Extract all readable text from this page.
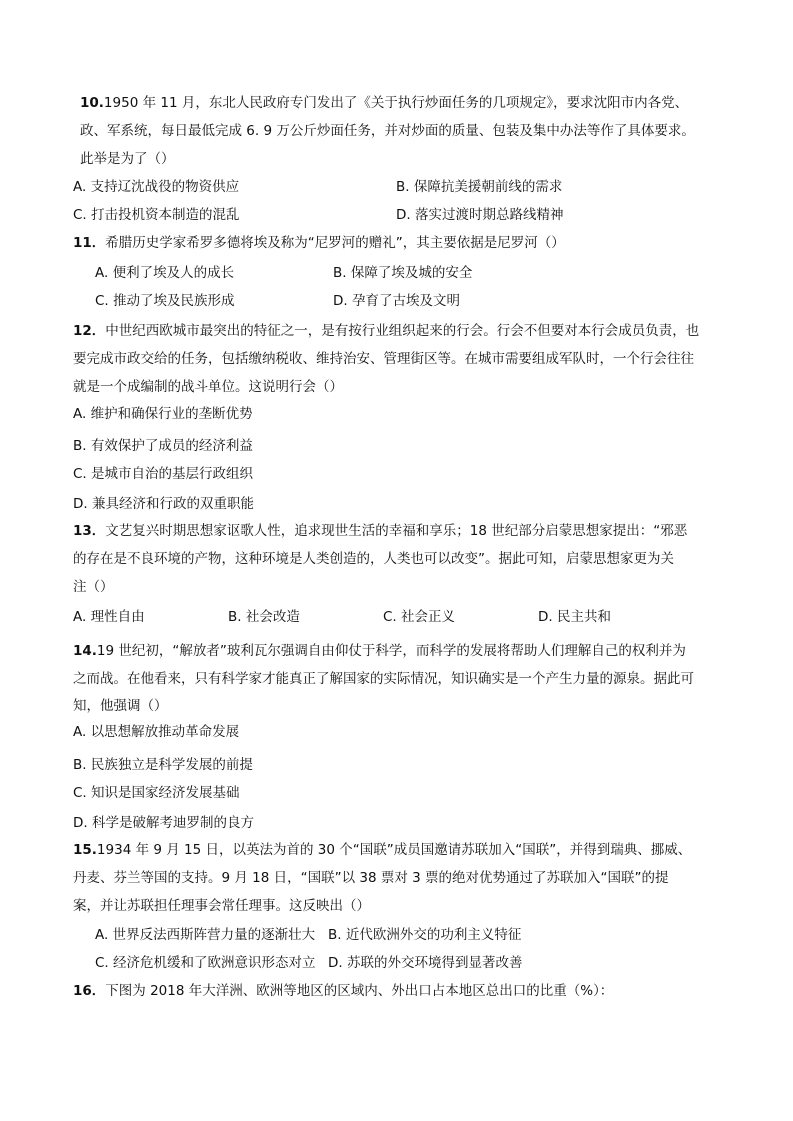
10.1950 年 11 月，东北人民政府专门发出了《关于执行炒面任务的几项规定》，要求沈阳市内各党、
政、军系统，每日最低完成 6. 9 万公斤炒面任务，并对炒面的质量、包装及集中办法等作了具体要求。
此举是为了（）
A. 支持辽沈战役的物资供应	B. 保障抗美援朝前线的需求
C. 打击投机资本制造的混乱	D. 落实过渡时期总路线精神
11．希腊历史学家希罗多德将埃及称为“尼罗河的赠礼”，其主要依据是尼罗河（）
A. 便利了埃及人的成长	B. 保障了埃及城的安全
C. 推动了埃及民族形成	D. 孕育了古埃及文明
12．中世纪西欧城市最突出的特征之一，是有按行业组织起来的行会。行会不但要对本行会成员负责，也
要完成市政交给的任务，包括缴纳税收、维持治安、管理街区等。在城市需要组成军队时，一个行会往往
就是一个成编制的战斗单位。这说明行会（）
A. 维护和确保行业的垄断优势
B. 有效保护了成员的经济利益
C. 是城市自治的基层行政组织
D. 兼具经济和行政的双重职能
13．文艺复兴时期思想家讴歌人性，追求现世生活的幸福和享乐；18 世纪部分启蒙思想家提出：“邪恶
的存在是不良环境的产物，这种环境是人类创造的，人类也可以改变”。据此可知，启蒙思想家更为关
注（）
A. 理性自由	B. 社会改造	C. 社会正义	D. 民主共和
14.19 世纪初，“解放者”玻利瓦尔强调自由仰仗于科学，而科学的发展将帮助人们理解自己的权利并为
之而战。在他看来，只有科学家才能真正了解国家的实际情况，知识确实是一个产生力量的源泉。据此可
知，他强调（）
A. 以思想解放推动革命发展
B. 民族独立是科学发展的前提
C. 知识是国家经济发展基础
D. 科学是破解考迪罗制的良方
15.1934 年 9 月 15 日，以英法为首的 30 个“国联”成员国邀请苏联加入“国联”，并得到瑞典、挪威、
丹麦、芬兰等国的支持。9 月 18 日，“国联”以 38 票对 3 票的绝对优势通过了苏联加入“国联”的提
案，并让苏联担任理事会常任理事。这反映出（）
A. 世界反法西斯阵营力量的逐渐壮大 B. 近代欧洲外交的功利主义特征
C. 经济危机缓和了欧洲意识形态对立 D. 苏联的外交环境得到显著改善
16．下图为 2018 年大洋洲、欧洲等地区的区域内、外出口占本地区总出口的比重（%）：
